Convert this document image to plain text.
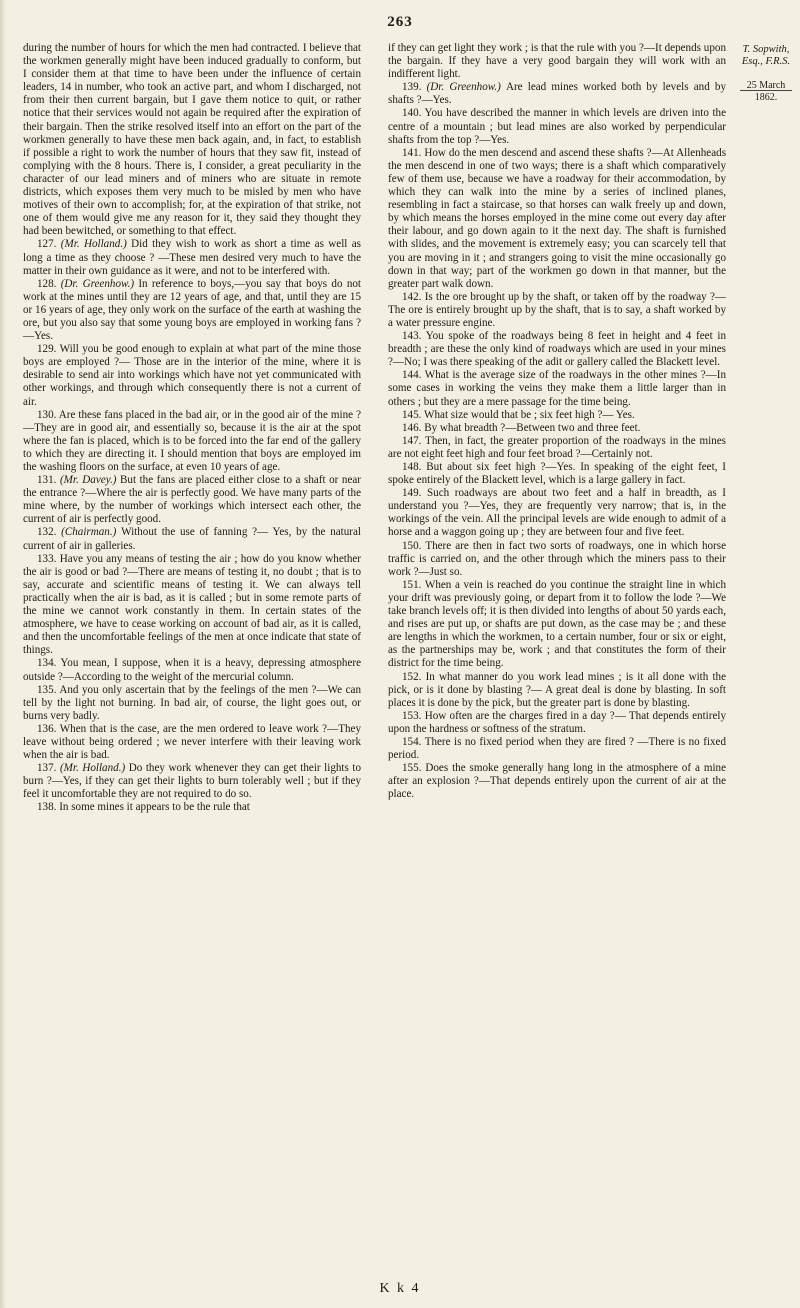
263

during the number of hours for which the men had contracted. I believe that the workmen generally might have been induced gradually to conform, but I consider them at that time to have been under the influence of certain leaders, 14 in number, who took an active part, and whom I discharged, not from their then current bargain, but I gave them notice to quit, or rather notice that their services would not again be required after the expiration of their bargain. Then the strike resolved itself into an effort on the part of the workmen generally to have these men back again, and, in fact, to establish if possible a right to work the number of hours that they saw fit, instead of complying with the 8 hours. There is, I consider, a great peculiarity in the character of our lead miners and of miners who are situate in remote districts, which exposes them very much to be misled by men who have motives of their own to accomplish; for, at the expiration of that strike, not one of them would give me any reason for it, they said they thought they had been bewitched, or something to that effect.

127. (Mr. Holland.) Did they wish to work as short a time as well as long a time as they choose ? —These men desired very much to have the matter in their own guidance as it were, and not to be interfered with.

128. (Dr. Greenhow.) In reference to boys,—you say that boys do not work at the mines until they are 12 years of age, and that, until they are 15 or 16 years of age, they only work on the surface of the earth at washing the ore, but you also say that some young boys are employed in working fans ?—Yes.

129. Will you be good enough to explain at what part of the mine those boys are employed ?— Those are in the interior of the mine, where it is desirable to send air into workings which have not yet communicated with other workings, and through which consequently there is not a current of air.

130. Are these fans placed in the bad air, or in the good air of the mine ?—They are in good air, and essentially so, because it is the air at the spot where the fan is placed, which is to be forced into the far end of the gallery to which they are directing it. I should mention that boys are employed im the washing floors on the surface, at even 10 years of age.

131. (Mr. Davey.) But the fans are placed either close to a shaft or near the entrance ?—Where the air is perfectly good. We have many parts of the mine where, by the number of workings which intersect each other, the current of air is perfectly good.

132. (Chairman.) Without the use of fanning ?— Yes, by the natural current of air in galleries.

133. Have you any means of testing the air ; how do you know whether the air is good or bad ?—There are means of testing it, no doubt ; that is to say, accurate and scientific means of testing it. We can always tell practically when the air is bad, as it is called ; but in some remote parts of the mine we cannot work constantly in them. In certain states of the atmosphere, we have to cease working on account of bad air, as it is called, and then the uncomfortable feelings of the men at once indicate that state of things.

134. You mean, I suppose, when it is a heavy, depressing atmosphere outside ?—According to the weight of the mercurial column.

135. And you only ascertain that by the feelings of the men ?—We can tell by the light not burning. In bad air, of course, the light goes out, or burns very badly.

136. When that is the case, are the men ordered to leave work ?—They leave without being ordered ; we never interfere with their leaving work when the air is bad.

137. (Mr. Holland.) Do they work whenever they can get their lights to burn ?—Yes, if they can get their lights to burn tolerably well ; but if they feel it uncomfortable they are not required to do so.

138. In some mines it appears to be the rule that

if they can get light they work ; is that the rule with you ?—It depends upon the bargain. If they have a very good bargain they will work with an indifferent light.

139. (Dr. Greenhow.) Are lead mines worked both by levels and by shafts ?—Yes.

140. You have described the manner in which levels are driven into the centre of a mountain ; but lead mines are also worked by perpendicular shafts from the top ?—Yes.

141. How do the men descend and ascend these shafts ?—At Allenheads the men descend in one of two ways; there is a shaft which comparatively few of them use, because we have a roadway for their accommodation, by which they can walk into the mine by a series of inclined planes, resembling in fact a staircase, so that horses can walk freely up and down, by which means the horses employed in the mine come out every day after their labour, and go down again to it the next day. The shaft is furnished with slides, and the movement is extremely easy; you can scarcely tell that you are moving in it ; and strangers going to visit the mine occasionally go down in that way; part of the workmen go down in that manner, but the greater part walk down.

142. Is the ore brought up by the shaft, or taken off by the roadway ?—The ore is entirely brought up by the shaft, that is to say, a shaft worked by a water pressure engine.

143. You spoke of the roadways being 8 feet in height and 4 feet in breadth ; are these the only kind of roadways which are used in your mines ?—No; I was there speaking of the adit or gallery called the Blackett level.

144. What is the average size of the roadways in the other mines ?—In some cases in working the veins they make them a little larger than in others ; but they are a mere passage for the time being.

145. What size would that be ; six feet high ?— Yes.

146. By what breadth ?—Between two and three feet.

147. Then, in fact, the greater proportion of the roadways in the mines are not eight feet high and four feet broad ?—Certainly not.

148. But about six feet high ?—Yes. In speaking of the eight feet, I spoke entirely of the Blackett level, which is a large gallery in fact.

149. Such roadways are about two feet and a half in breadth, as I understand you ?—Yes, they are frequently very narrow; that is, in the workings of the vein. All the principal levels are wide enough to admit of a horse and a waggon going up ; they are between four and five feet.

150. There are then in fact two sorts of roadways, one in which horse traffic is carried on, and the other through which the miners pass to their work ?—Just so.

151. When a vein is reached do you continue the straight line in which your drift was previously going, or depart from it to follow the lode ?—We take branch levels off; it is then divided into lengths of about 50 yards each, and rises are put up, or shafts are put down, as the case may be ; and these are lengths in which the workmen, to a certain number, four or six or eight, as the partnerships may be, work ; and that constitutes the form of their district for the time being.

152. In what manner do you work lead mines ; is it all done with the pick, or is it done by blasting ?— A great deal is done by blasting. In soft places it is done by the pick, but the greater part is done by blasting.

153. How often are the charges fired in a day ?— That depends entirely upon the hardness or softness of the stratum.

154. There is no fixed period when they are fired ? —There is no fixed period.

155. Does the smoke generally hang long in the atmosphere of a mine after an explosion ?—That depends entirely upon the current of air at the place.

T. Sopwith, Esq., F.R.S.
25 March 1862.
K k 4
